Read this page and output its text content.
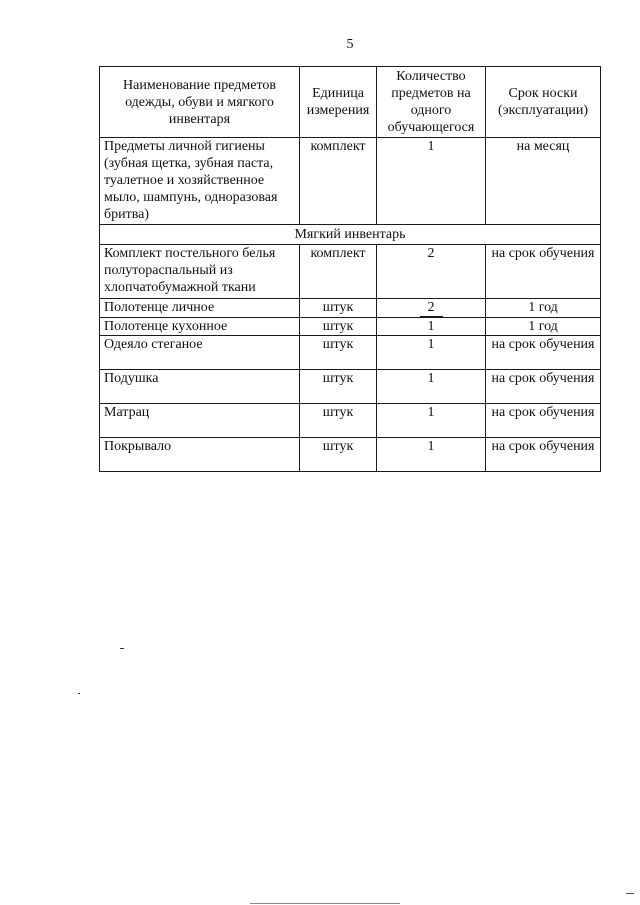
5
Наименование предметов одежды, обуви и мягкого инвентаря	Единица измерения	Количество предметов на одного обучающегося	Срок носки (эксплуатации)
Предметы личной гигиены (зубная щетка, зубная паста, туалетное и хозяйственное мыло, шампунь, одноразовая бритва)	комплект	1	на месяц
Мягкий инвентарь			
Комплект постельного белья полутораспальный из хлопчатобумажной ткани	комплект	2	на срок обучения
Полотенце личное	штук	2	1 год
Полотенце кухонное	штук	1	1 год
Одеяло стеганое	штук	1	на срок обучения
Подушка	штук	1	на срок обучения
Матрац	штук	1	на срок обучения
Покрывало	штук	1	на срок обучения
